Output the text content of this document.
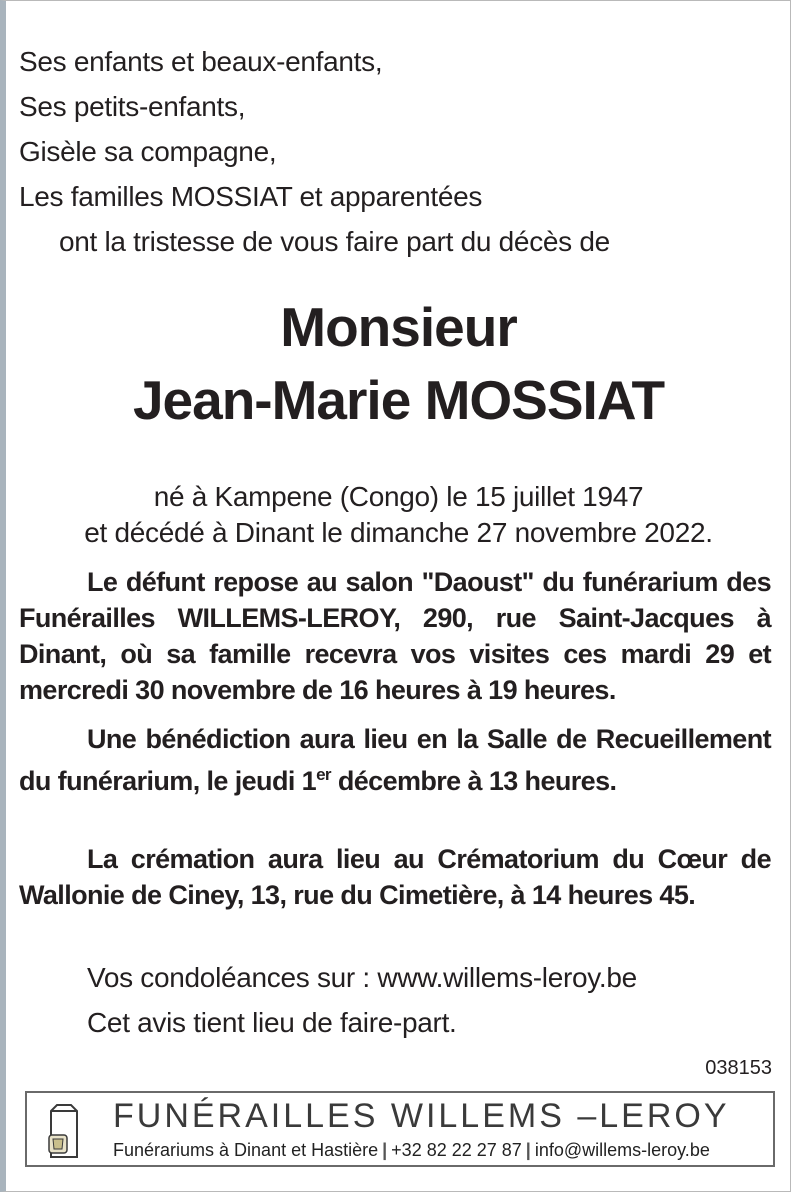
Ses enfants et beaux-enfants,
Ses petits-enfants,
Gisèle sa compagne,
Les familles MOSSIAT et apparentées
ont la tristesse de vous faire part du décès de
Monsieur
Jean-Marie MOSSIAT
né à Kampene (Congo) le 15 juillet 1947
et décédé à Dinant le dimanche 27 novembre 2022.
Le défunt repose au salon "Daoust" du funérarium des Funérailles WILLEMS-LEROY, 290, rue Saint-Jacques à Dinant, où sa famille recevra vos visites ces mardi 29 et mercredi 30 novembre de 16 heures à 19 heures.
Une bénédiction aura lieu en la Salle de Recueillement du funérarium, le jeudi 1er décembre à 13 heures.
La crémation aura lieu au Crématorium du Cœur de Wallonie de Ciney, 13, rue du Cimetière, à 14 heures 45.
Vos condoléances sur : www.willems-leroy.be
Cet avis tient lieu de faire-part.
038153
FUNÉRAILLES WILLEMS –LEROY
Funérariums à Dinant et Hastière | +32 82 22 27 87 | info@willems-leroy.be
